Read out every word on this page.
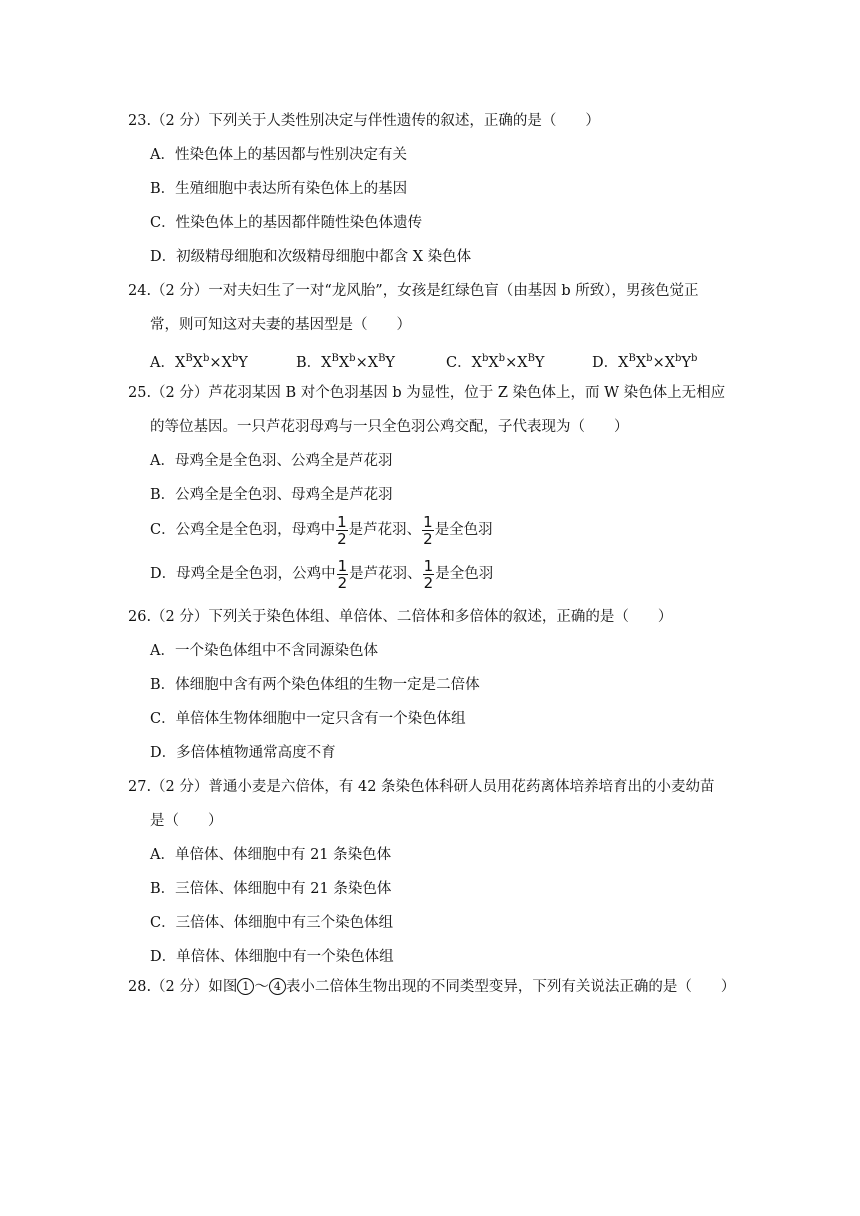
23.（2 分）下列关于人类性别决定与伴性遗传的叙述，正确的是（　　）
A．性染色体上的基因都与性别决定有关
B．生殖细胞中表达所有染色体上的基因
C．性染色体上的基因都伴随性染色体遗传
D．初级精母细胞和次级精母细胞中都含 X 染色体
24.（2 分）一对夫妇生了一对“龙风胎”，女孩是红绿色盲（由基因 b 所致），男孩色觉正
常，则可知这对夫妻的基因型是（　　）
A．$X^BX^b\times X^bY$	B．$X^BX^b\times X^BY$	C．$X^bX^b\times X^BY$	D．$X^BX^b\times X^bY^b$
25.（2 分）芦花羽某因 B 对个色羽基因 b 为显性，位于 Z 染色体上，而 W 染色体上无相应
的等位基因。一只芦花羽母鸡与一只全色羽公鸡交配，子代表现为（　　）
A．母鸡全是全色羽、公鸡全是芦花羽
B．公鸡全是全色羽、母鸡全是芦花羽
C．公鸡全是全色羽，母鸡中 $\frac{1}{2}$ 是芦花羽、 $\frac{1}{2}$ 是全色羽
D．母鸡全是全色羽，公鸡中 $\frac{1}{2}$ 是芦花羽、 $\frac{1}{2}$ 是全色羽
26.（2 分）下列关于染色体组、单倍体、二倍体和多倍体的叙述，正确的是（　　）
A．一个染色体组中不含同源染色体
B．体细胞中含有两个染色体组的生物一定是二倍体
C．单倍体生物体细胞中一定只含有一个染色体组
D．多倍体植物通常高度不育
27.（2 分）普通小麦是六倍体，有 42 条染色体科研人员用花药离体培养培育出的小麦幼苗
是（　　）
A．单倍体、体细胞中有 21 条染色体
B．三倍体、体细胞中有 21 条染色体
C．三倍体、体细胞中有三个染色体组
D．单倍体、体细胞中有一个染色体组
28.（2 分）如图 1 ～ 4 表小二倍体生物出现的不同类型变异，下列有关说法正确的是（　　）
